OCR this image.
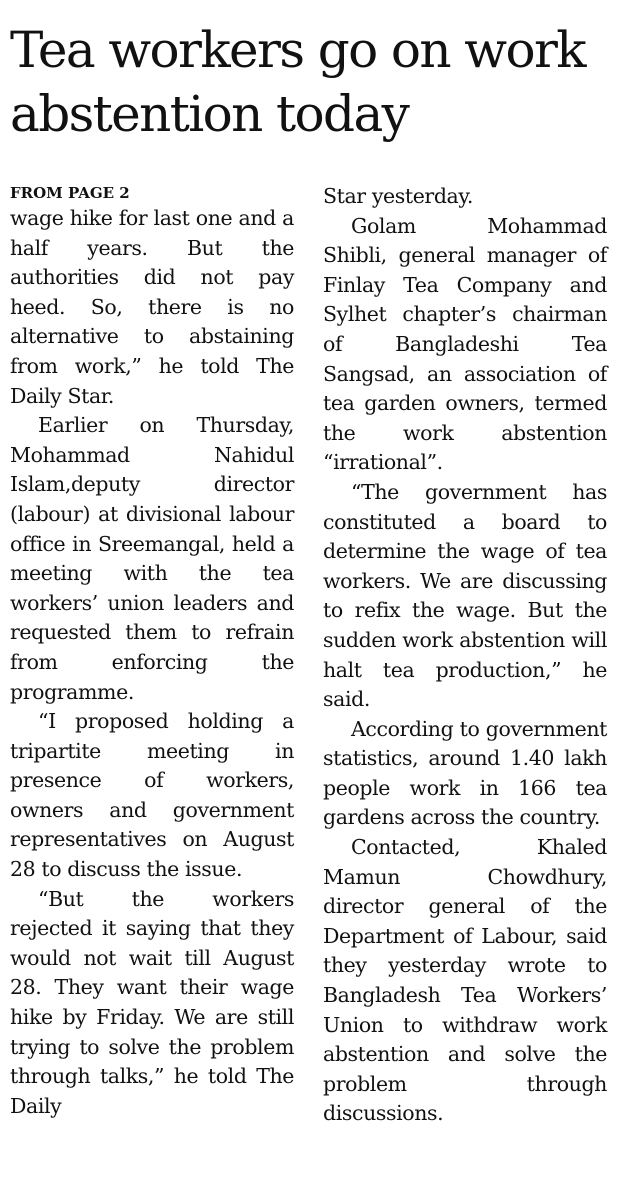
Tea workers go on work abstention today
FROM PAGE 2

wage hike for last one and a half years. But the authorities did not pay heed. So, there is no alternative to abstaining from work,” he told The Daily Star.

Earlier on Thursday, Mohammad Nahidul Islam,deputy director (labour) at divisional labour office in Sreemangal, held a meeting with the tea workers’ union leaders and requested them to refrain from enforcing the programme.

“I proposed holding a tripartite meeting in presence of workers, owners and government representatives on August 28 to discuss the issue.

“But the workers rejected it saying that they would not wait till August 28. They want their wage hike by Friday. We are still trying to solve the problem through talks,” he told The Daily

Star yesterday.

Golam Mohammad Shibli, general manager of Finlay Tea Company and Sylhet chapter’s chairman of Bangladeshi Tea Sangsad, an association of tea garden owners, termed the work abstention “irrational”.

“The government has constituted a board to determine the wage of tea workers. We are discussing to refix the wage. But the sudden work abstention will halt tea production,” he said.

According to government statistics, around 1.40 lakh people work in 166 tea gardens across the country.

Contacted, Khaled Mamun Chowdhury, director general of the Department of Labour, said they yesterday wrote to Bangladesh Tea Workers’ Union to withdraw work abstention and solve the problem through discussions.
